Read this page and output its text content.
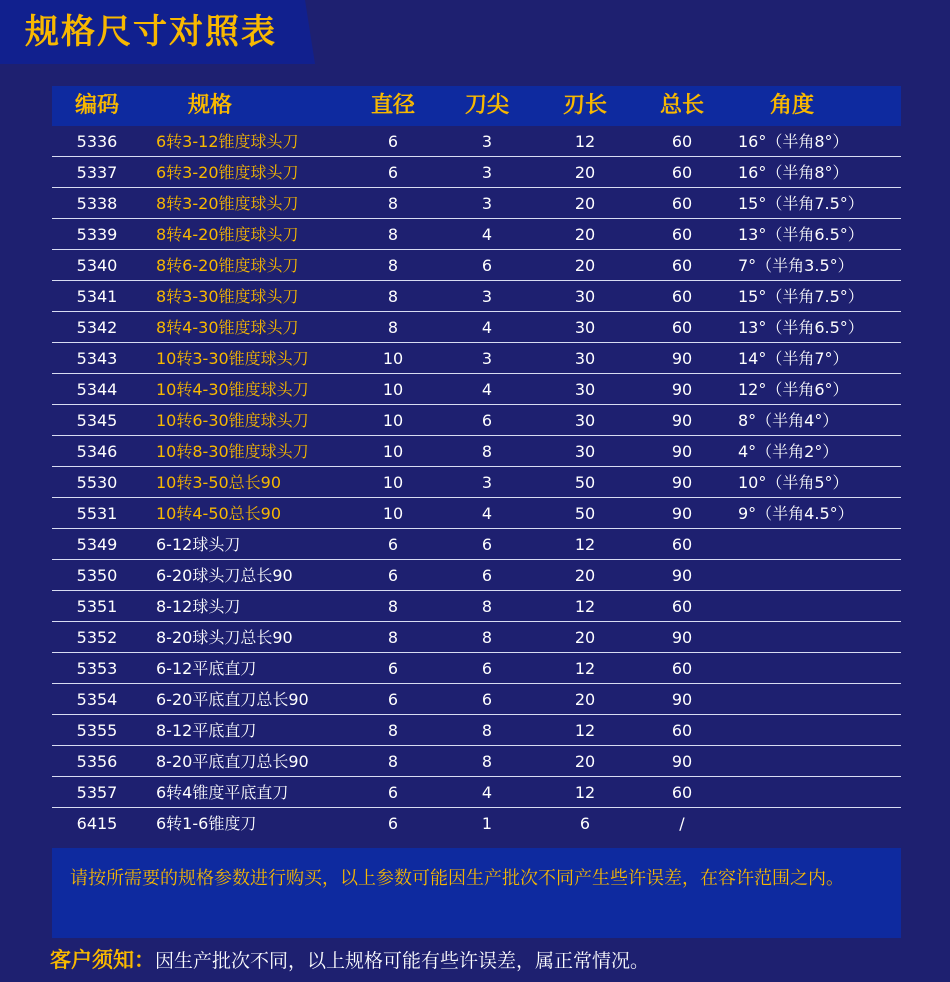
规格尺寸对照表
编码	规格	直径 刀尖 刃长 总长	角度
5336 6转3-12锥度球头刀	6	3	12	60	16°（半角8°）
5337 6转3-20锥度球头刀	6	3	20	60	16°（半角8°）
5338 8转3-20锥度球头刀	8	3	20	60	15°（半角7.5°）
5339 8转4-20锥度球头刀	8	4	20	60	13°（半角6.5°）
5340 8转6-20锥度球头刀	8	6	20	60	7°（半角3.5°）
5341 8转3-30锥度球头刀	8	3	30	60	15°（半角7.5°）
5342 8转4-30锥度球头刀	8	4	30	60	13°（半角6.5°）
5343 10转3-30锥度球头刀	10	3	30	90	14°（半角7°）
5344 10转4-30锥度球头刀	10	4	30	90	12°（半角6°）
5345 10转6-30锥度球头刀	10	6	30	90	8°（半角4°）
5346 10转8-30锥度球头刀	10	8	30	90	4°（半角2°）
5530 10转3-50总长90	10	3	50	90	10°（半角5°）
5531 10转4-50总长90	10	4	50	90	9°（半角4.5°）
5349 6-12球头刀	6	6	12	60
5350 6-20球头刀总长90	6	6	20	90
5351 8-12球头刀	8	8	12	60
5352 8-20球头刀总长90	8	8	20	90
5353 6-12平底直刀	6	6	12	60
5354 6-20平底直刀总长90	6	6	20	90
5355 8-12平底直刀	8	8	12	60
5356 8-20平底直刀总长90	8	8	20	90
5357 6转4锥度平底直刀	6	4	12	60
6415 6转1-6锥度刀	6	1	6	/
请按所需要的规格参数进行购买，以上参数可能因生产批次不同产生些许误差，在容许范围之内。
客户须知：因生产批次不同，以上规格可能有些许误差，属正常情况。
